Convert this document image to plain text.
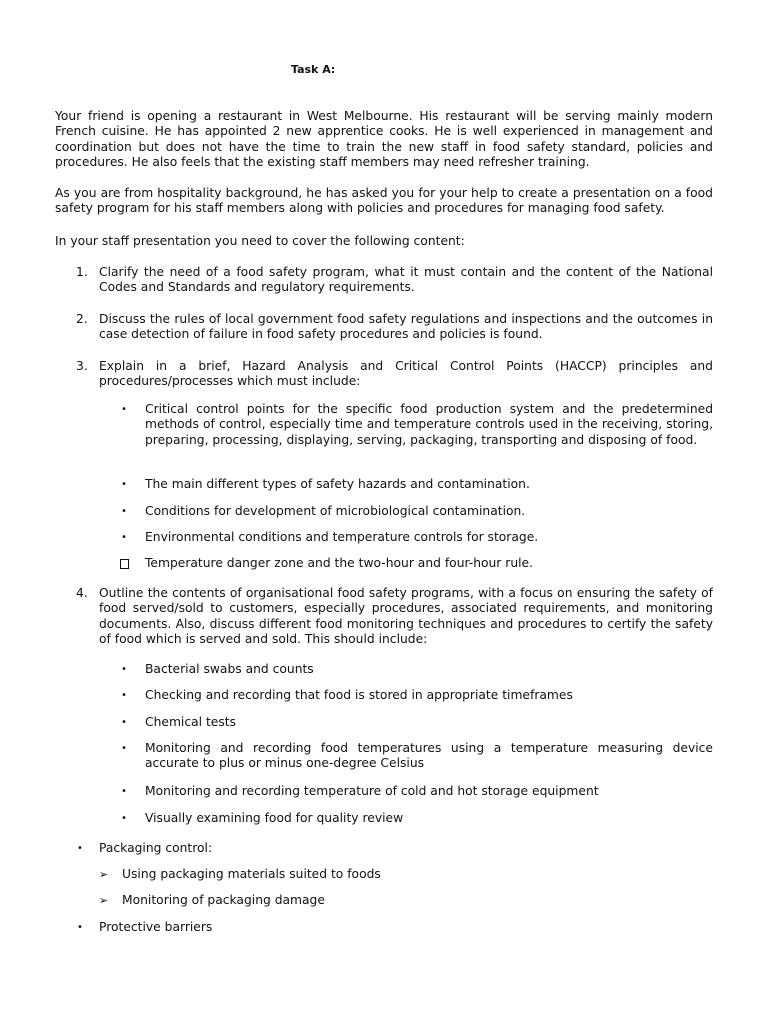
Task A:

Your friend is opening a restaurant in West Melbourne. His restaurant will be serving mainly modern French cuisine. He has appointed 2 new apprentice cooks. He is well experienced in management and coordination but does not have the time to train the new staff in food safety standard, policies and procedures. He also feels that the existing staff members may need refresher training.

As you are from hospitality background, he has asked you for your help to create a presentation on a food safety program for his staff members along with policies and procedures for managing food safety.

In your staff presentation you need to cover the following content:

1. Clarify the need of a food safety program, what it must contain and the content of the National Codes and Standards and regulatory requirements.
2. Discuss the rules of local government food safety regulations and inspections and the outcomes in case detection of failure in food safety procedures and policies is found.
3. Explain in a brief, Hazard Analysis and Critical Control Points (HACCP) principles and procedures/processes which must include:
• Critical control points for the specific food production system and the predetermined methods of control, especially time and temperature controls used in the receiving, storing, preparing, processing, displaying, serving, packaging, transporting and disposing of food.
• The main different types of safety hazards and contamination.
• Conditions for development of microbiological contamination.
• Environmental conditions and temperature controls for storage.
Temperature danger zone and the two-hour and four-hour rule.
4. Outline the contents of organisational food safety programs, with a focus on ensuring the safety of food served/sold to customers, especially procedures, associated requirements, and monitoring documents. Also, discuss different food monitoring techniques and procedures to certify the safety of food which is served and sold. This should include:
• Bacterial swabs and counts
• Checking and recording that food is stored in appropriate timeframes
• Chemical tests
• Monitoring and recording food temperatures using a temperature measuring device accurate to plus or minus one-degree Celsius
• Monitoring and recording temperature of cold and hot storage equipment
• Visually examining food for quality review
• Packaging control:
➢ Using packaging materials suited to foods
➢ Monitoring of packaging damage
• Protective barriers
